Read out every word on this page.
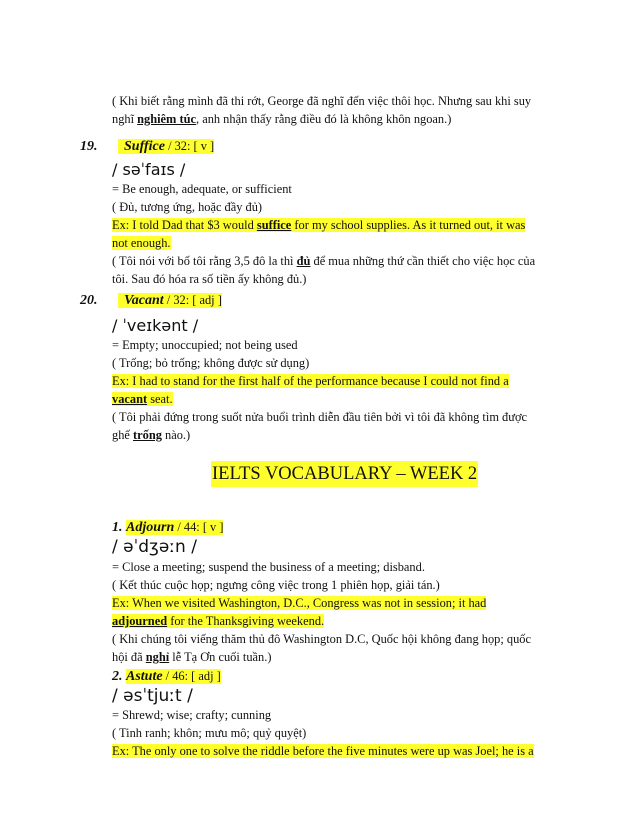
( Khi biết rằng mình đã thi rớt, George đã nghĩ đến việc thôi học. Nhưng sau khi suy
nghĩ nghiêm túc, anh nhận thấy rằng điều đó là không khôn ngoan.)
19. Suffice / 32: [ v ]
/ səˈfaɪs /
= Be enough, adequate, or sufficient
( Đủ, tương ứng, hoặc đầy đủ)
Ex: I told Dad that $3 would suffice for my school supplies. As it turned out, it was
not enough.
( Tôi nói với bố tôi rằng 3,5 đô la thì đủ để mua những thứ cần thiết cho việc học của
tôi. Sau đó hóa ra số tiền ấy không đủ.)
20. Vacant / 32: [ adj ]
/ ˈveɪkənt /
= Empty; unoccupied; not being used
( Trống; bỏ trống; không được sử dụng)
Ex: I had to stand for the first half of the performance because I could not find a
vacant seat.
( Tôi phải đứng trong suốt nửa buổi trình diễn đầu tiên bởi vì tôi đã không tìm được
ghế trống nào.)
IELTS VOCABULARY – WEEK 2
1. Adjourn / 44: [ v ]
/ əˈdʒəːn /
= Close a meeting; suspend the business of a meeting; disband.
( Kết thúc cuộc họp; ngưng công việc trong 1 phiên họp, giải tán.)
Ex: When we visited Washington, D.C., Congress was not in session; it had
adjourned for the Thanksgiving weekend.
( Khi chúng tôi viếng thăm thủ đô Washington D.C, Quốc hội không đang họp; quốc
hội đã nghỉ lễ Tạ Ơn cuối tuần.)
2. Astute / 46: [ adj ]
/ əsˈtjuːt /
= Shrewd; wise; crafty; cunning
( Tinh ranh; khôn; mưu mô; quỷ quyệt)
Ex: The only one to solve the riddle before the five minutes were up was Joel; he is a
